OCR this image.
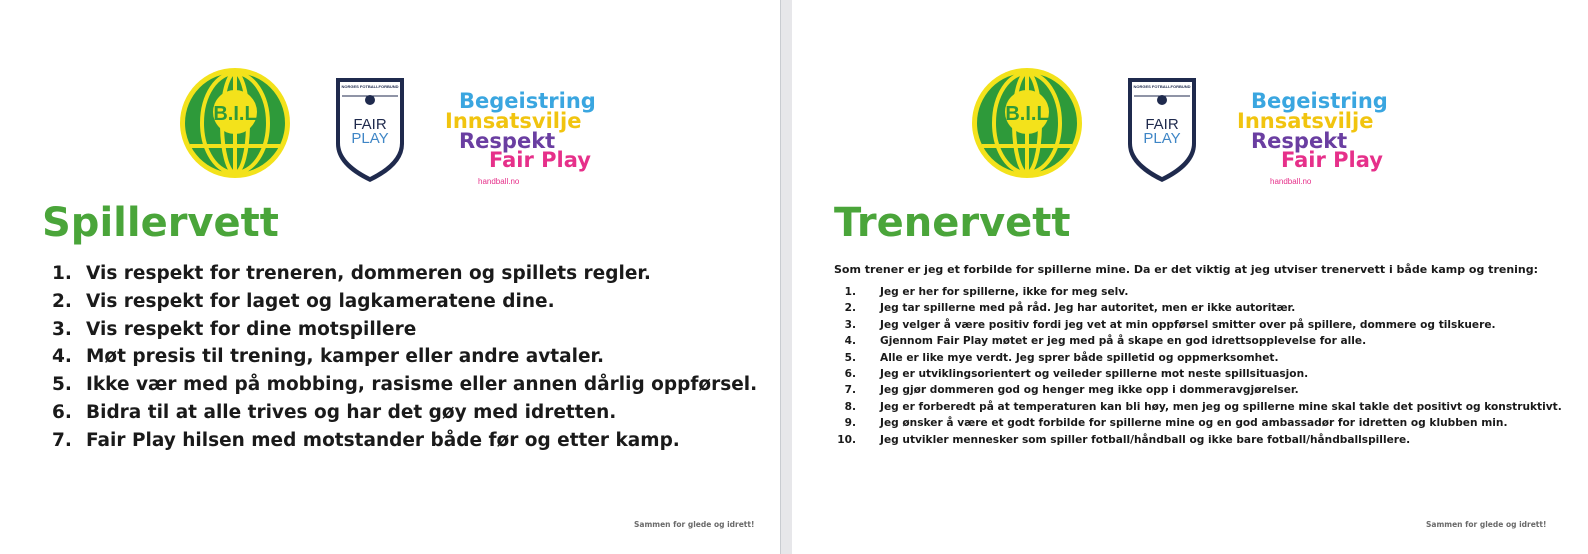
B.I.L
NORGES FOTBALLFORBUND
FAIR
PLAY
Begeistring
Innsatsvilje
Respekt
Fair Play
handball.no
Spillervett
1. Vis respekt for treneren, dommeren og spillets regler.
2. Vis respekt for laget og lagkameratene dine.
3. Vis respekt for dine motspillere
4. Møt presis til trening, kamper eller andre avtaler.
5. Ikke vær med på mobbing, rasisme eller annen dårlig oppførsel.
6. Bidra til at alle trives og har det gøy med idretten.
7. Fair Play hilsen med motstander både før og etter kamp.
Sammen for glede og idrett!
B.I.L
NORGES FOTBALLFORBUND
FAIR
PLAY
Begeistring
Innsatsvilje
Respekt
Fair Play
handball.no
Trenervett

Som trener er jeg et forbilde for spillerne mine. Da er det viktig at jeg utviser trenervett i både kamp og trening:

1. Jeg er her for spillerne, ikke for meg selv.
2. Jeg tar spillerne med på råd. Jeg har autoritet, men er ikke autoritær.
3. Jeg velger å være positiv fordi jeg vet at min oppførsel smitter over på spillere, dommere og tilskuere.
4. Gjennom Fair Play møtet er jeg med på å skape en god idrettsopplevelse for alle.
5. Alle er like mye verdt. Jeg sprer både spilletid og oppmerksomhet.
6. Jeg er utviklingsorientert og veileder spillerne mot neste spillsituasjon.
7. Jeg gjør dommeren god og henger meg ikke opp i dommeravgjørelser.
8. Jeg er forberedt på at temperaturen kan bli høy, men jeg og spillerne mine skal takle det positivt og konstruktivt.
9. Jeg ønsker å være et godt forbilde for spillerne mine og en god ambassadør for idretten og klubben min.
10. Jeg utvikler mennesker som spiller fotball/håndball og ikke bare fotball/håndballspillere.
Sammen for glede og idrett!
